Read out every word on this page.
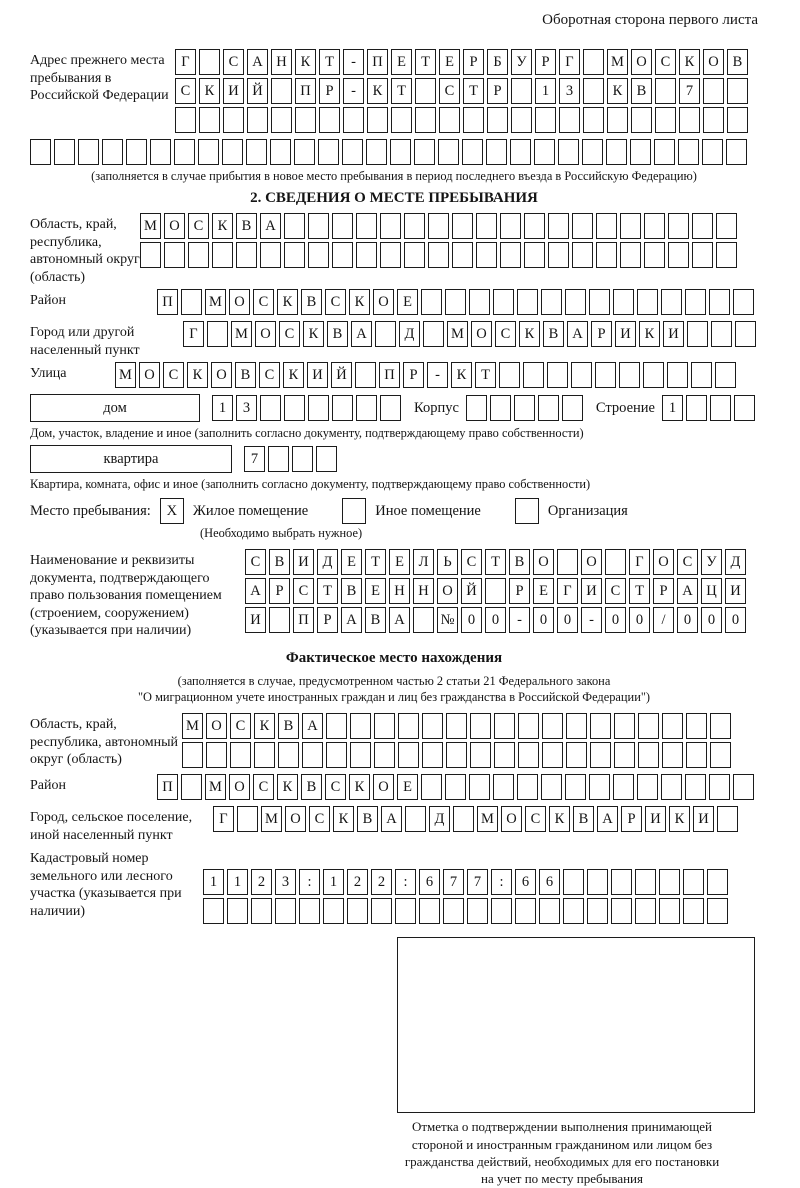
Оборотная сторона первого листа
Адрес прежнего места пребывания в Российской Федерации
Г	С А Н К	Т	-	П Е	Т	Е	Р	Б	У	Р	Г	М О С К О В
С К И Й	П	Р	-	К	Т	С	Т	Р	1	3	К В	7
(заполняется в случае прибытия в новое место пребывания в период последнего въезда в Российскую Федерацию)
2. СВЕДЕНИЯ О МЕСТЕ ПРЕБЫВАНИЯ
Область, край, республика, автономный округ (область)
М О С К В А
Район	П	М О С К В С К О Е
Город или другой населенный пункт
Г	М О С К В А	Д	М О С К В А	Р	И К И
Улица	М О С К О В С К И Й	П	Р	-	К	Т
дом	1	3	Корпус	Строение 1
Дом, участок, владение и иное (заполнить согласно документу, подтверждающему право собственности)
квартира	7
Квартира, комната, офис и иное (заполнить согласно документу, подтверждающему право собственности)
Место пребывания:	X	Жилое помещение	Иное помещение	Организация
(Необходимо выбрать нужное)
Наименование и реквизиты документа, подтверждающего право пользования помещением (строением, сооружением) (указывается при наличии)
С В И Д	Е	Т	Е	Л	Ь	С	Т	В О	О	Г	О С У Д
А	Р	С	Т	В	Е Н Н О Й	Р	Е	Г	И С	Т	Р	А Ц И
И	П	Р	А В А	№ 0	0	-	0	0	-	0	0	/	0	0	0
Фактическое место нахождения
(заполняется в случае, предусмотренном частью 2 статьи 21 Федерального закона
"О миграционном учете иностранных граждан и лиц без гражданства в Российской Федерации")
Область, край, республика, автономный округ (область)
М О С К В А
Район	П	М О С К В С К О Е
Город, сельское поселение, иной населенный пункт
Г	М О С К В А	Д	М О С К В А	Р	И К И
Кадастровый номер земельного или лесного участка (указывается при наличии)
1	1	2	3	:	1	2	2	:	6	7	7	:	6	6
Отметка о подтверждении выполнения принимающей
стороной и иностранным гражданином или лицом без
гражданства действий, необходимых для его постановки
на учет по месту пребывания
